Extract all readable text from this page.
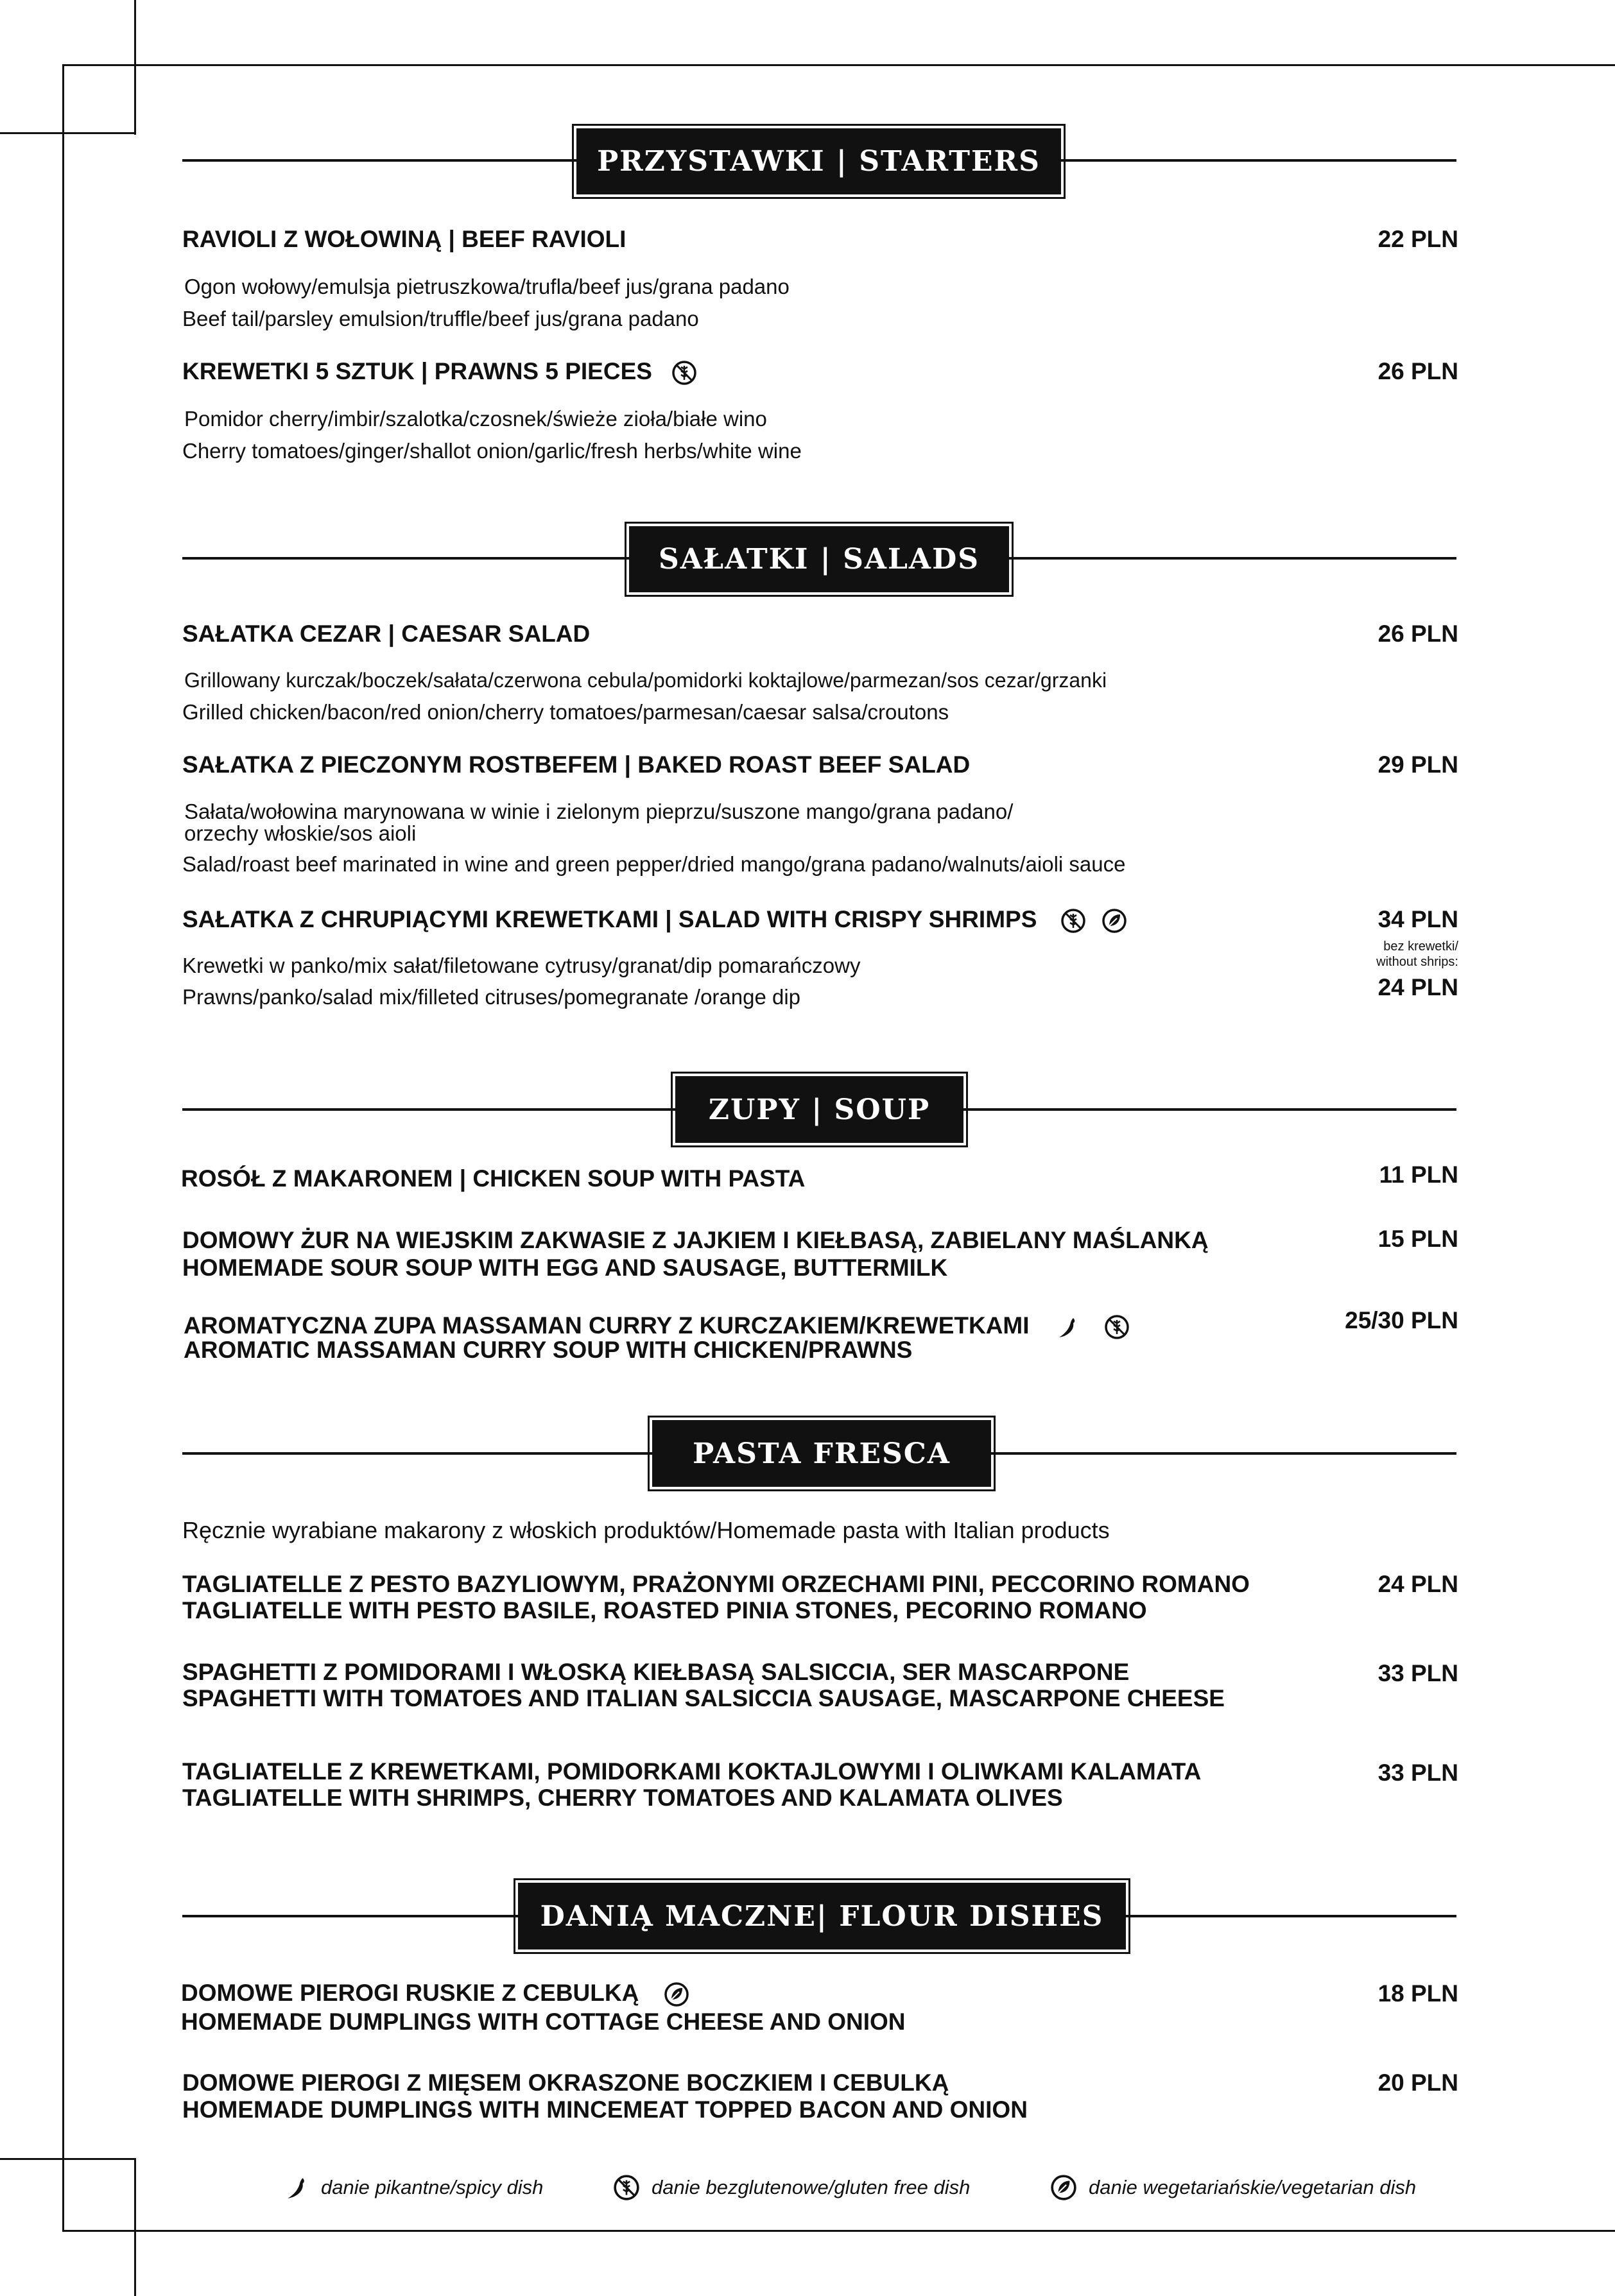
PRZYSTAWKI | STARTERS
RAVIOLI Z WOŁOWINĄ | BEEF RAVIOLI	22 PLN
Ogon wołowy/emulsja pietruszkowa/trufla/beef jus/grana padano
Beef tail/parsley emulsion/truffle/beef jus/grana padano
KREWETKI 5 SZTUK | PRAWNS 5 PIECES	26 PLN
Pomidor cherry/imbir/szalotka/czosnek/świeże zioła/białe wino
Cherry tomatoes/ginger/shallot onion/garlic/fresh herbs/white wine
SAŁATKI | SALADS
SAŁATKA CEZAR | CAESAR SALAD	26 PLN
Grillowany kurczak/boczek/sałata/czerwona cebula/pomidorki koktajlowe/parmezan/sos cezar/grzanki
Grilled chicken/bacon/red onion/cherry tomatoes/parmesan/caesar salsa/croutons
SAŁATKA Z PIECZONYM ROSTBEFEM | BAKED ROAST BEEF SALAD	29 PLN
Sałata/wołowina marynowana w winie i zielonym pieprzu/suszone mango/grana padano/
orzechy włoskie/sos aioli
Salad/roast beef marinated in wine and green pepper/dried mango/grana padano/walnuts/aioli sauce
SAŁATKA Z CHRUPIĄCYMI KREWETKAMI | SALAD WITH CRISPY SHRIMPS	34 PLN
bez krewetki/
without shrips:
24 PLN
Krewetki w panko/mix sałat/filetowane cytrusy/granat/dip pomarańczowy
Prawns/panko/salad mix/filleted citruses/pomegranate /orange dip
ZUPY | SOUP
ROSÓŁ Z MAKARONEM | CHICKEN SOUP WITH PASTA	11 PLN
DOMOWY ŻUR NA WIEJSKIM ZAKWASIE Z JAJKIEM I KIEŁBASĄ, ZABIELANY MAŚLANKĄ
HOMEMADE SOUR SOUP WITH EGG AND SAUSAGE, BUTTERMILK
15 PLN
AROMATYCZNA ZUPA MASSAMAN CURRY Z KURCZAKIEM/KREWETKAMI
AROMATIC MASSAMAN CURRY SOUP WITH CHICKEN/PRAWNS
25/30 PLN
PASTA FRESCA
Ręcznie wyrabiane makarony z włoskich produktów/Homemade pasta with Italian products
TAGLIATELLE Z PESTO BAZYLIOWYM, PRAŻONYMI ORZECHAMI PINI, PECCORINO ROMANO
TAGLIATELLE WITH PESTO BASILE, ROASTED PINIA STONES, PECORINO ROMANO
24 PLN
SPAGHETTI Z POMIDORAMI I WŁOSKĄ KIEŁBASĄ SALSICCIA, SER MASCARPONE
SPAGHETTI WITH TOMATOES AND ITALIAN SALSICCIA SAUSAGE, MASCARPONE CHEESE
33 PLN
TAGLIATELLE Z KREWETKAMI, POMIDORKAMI KOKTAJLOWYMI I OLIWKAMI KALAMATA
TAGLIATELLE WITH SHRIMPS, CHERRY TOMATOES AND KALAMATA OLIVES
33 PLN
DANIĄ MACZNE| FLOUR DISHES
DOMOWE PIEROGI RUSKIE Z CEBULKĄ
HOMEMADE DUMPLINGS WITH COTTAGE CHEESE AND ONION
18 PLN
DOMOWE PIEROGI Z MIĘSEM OKRASZONE BOCZKIEM I CEBULKĄ
HOMEMADE DUMPLINGS WITH MINCEMEAT TOPPED BACON AND ONION
20 PLN
danie pikantne/spicy dish	danie bezglutenowe/gluten free dish	danie wegetariańskie/vegetarian dish
